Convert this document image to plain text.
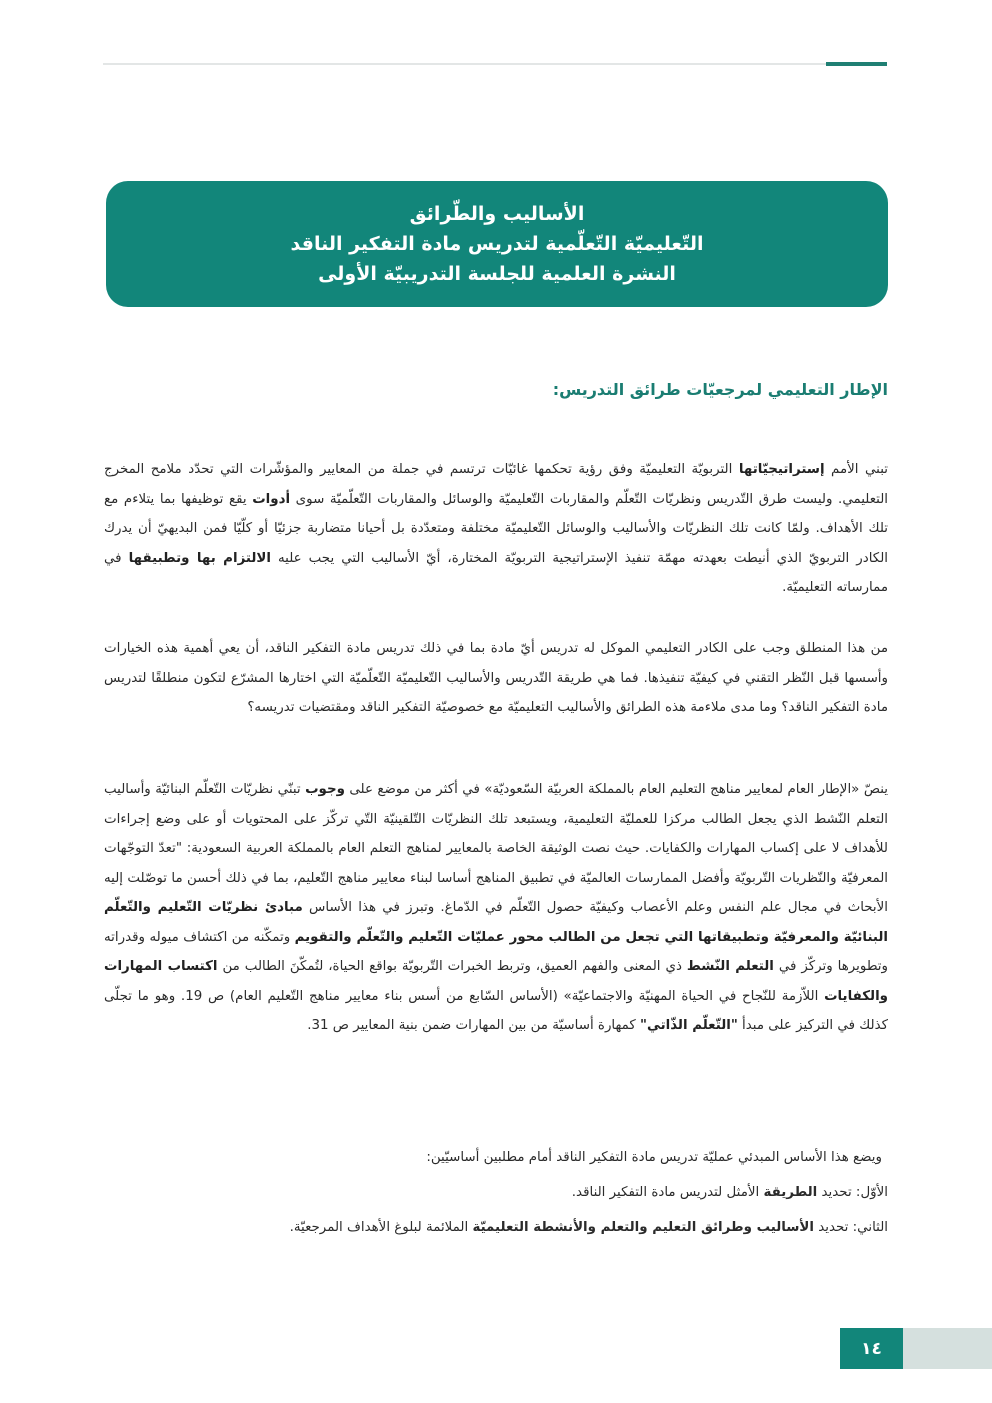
الأساليب والطّرائق
التّعليميّة التّعلّمية لتدريس مادة التفكير الناقد
النشرة العلمية للجلسة التدريبيّة الأولى
الإطار التعليمي لمرجعيّات طرائق التدريس:

تبني الأمم إستراتيجيّاتها التربويّة التعليميّة وفق رؤية تحكمها غائيّات ترتسم في جملة من المعايير والمؤشّرات التي تحدّد ملامح المخرج التعليمي. وليست طرق التّدريس ونظريّات التّعلّم والمقاربات التّعليميّة والوسائل والمقاربات التّعلّميّة سوى أدوات يقع توظيفها بما يتلاءم مع تلك الأهداف. ولمّا كانت تلك النظريّات والأساليب والوسائل التّعليميّة مختلفة ومتعدّدة بل أحيانا متضاربة جزئيّا أو كلّيّا فمن البديهيّ أن يدرك الكادر التربويّ الذي أنيطت بعهدته مهمّة تنفيذ الإستراتيجية التربويّة المختارة، أيّ الأساليب التي يجب عليه الالتزام بها وتطبيقها في ممارساته التعليميّة.

من هذا المنطلق وجب على الكادر التعليمي الموكل له تدريس أيّ مادة بما في ذلك تدريس مادة التفكير الناقد، أن يعي أهمية هذه الخيارات وأسسها قبل النّظر التقني في كيفيّة تنفيذها. فما هي طريقة التّدريس والأساليب التّعليميّة التّعلّميّة التي اختارها المشرّع لتكون منطلقًا لتدريس مادة التفكير الناقد؟ وما مدى ملاءمة هذه الطرائق والأساليب التعليميّة مع خصوصيّة التفكير الناقد ومقتضيات تدريسه؟

ينصّ «الإطار العام لمعايير مناهج التعليم العام بالمملكة العربيّة السّعوديّة» في أكثر من موضع على وجوب تبنّي نظريّات التّعلّم البنائيّة وأساليب التعلم النّشط الذي يجعل الطالب مركزا للعمليّة التعليمية، ويستبعد تلك النظريّات التّلقينيّة التّي تركّز على المحتويات أو على وضع إجراءات للأهداف لا على إكساب المهارات والكفايات. حيث نصت الوثيقة الخاصة بالمعايير لمناهج التعلم العام بالمملكة العربية السعودية: "تعدّ التوجّهات المعرفيّة والنّظريات التّربويّة وأفضل الممارسات العالميّة في تطبيق المناهج أساسا لبناء معايير مناهج التّعليم، بما في ذلك أحسن ما توصّلت إليه الأبحاث في مجال علم النفس وعلم الأعصاب وكيفيّة حصول التّعلّم في الدّماغ. وتبرز في هذا الأساس مبادئ نظريّات التّعليم والتّعلّم البنائيّة والمعرفيّة وتطبيقاتها التي تجعل من الطالب محور عمليّات التّعليم والتّعلّم والتقويم وتمكّنه من اكتشاف ميوله وقدراته وتطويرها وتركّز في التعلم النّشط ذي المعنى والفهم العميق، وتربط الخبرات التّربويّة بواقع الحياة، لتُمكّنَ الطالب من اكتساب المهارات والكفايات اللاّزمة للنّجاح في الحياة المهنيّة والاجتماعيّة» (الأساس السّابع من أسس بناء معايير مناهج التّعليم العام) ص 19. وهو ما تجلّى كذلك في التركيز على مبدأ "التّعلّم الذّاتي" كمهارة أساسيّة من بين المهارات ضمن بنية المعايير ص 31.

ويضع هذا الأساس المبدئي عمليّة تدريس مادة التفكير الناقد أمام مطلبين أساسيّين:
الأوّل: تحديد الطريقة الأمثل لتدريس مادة التفكير الناقد.
الثاني: تحديد الأساليب وطرائق التعليم والتعلم والأنشطة التعليميّة الملائمة لبلوغ الأهداف المرجعيّة.
١٤
